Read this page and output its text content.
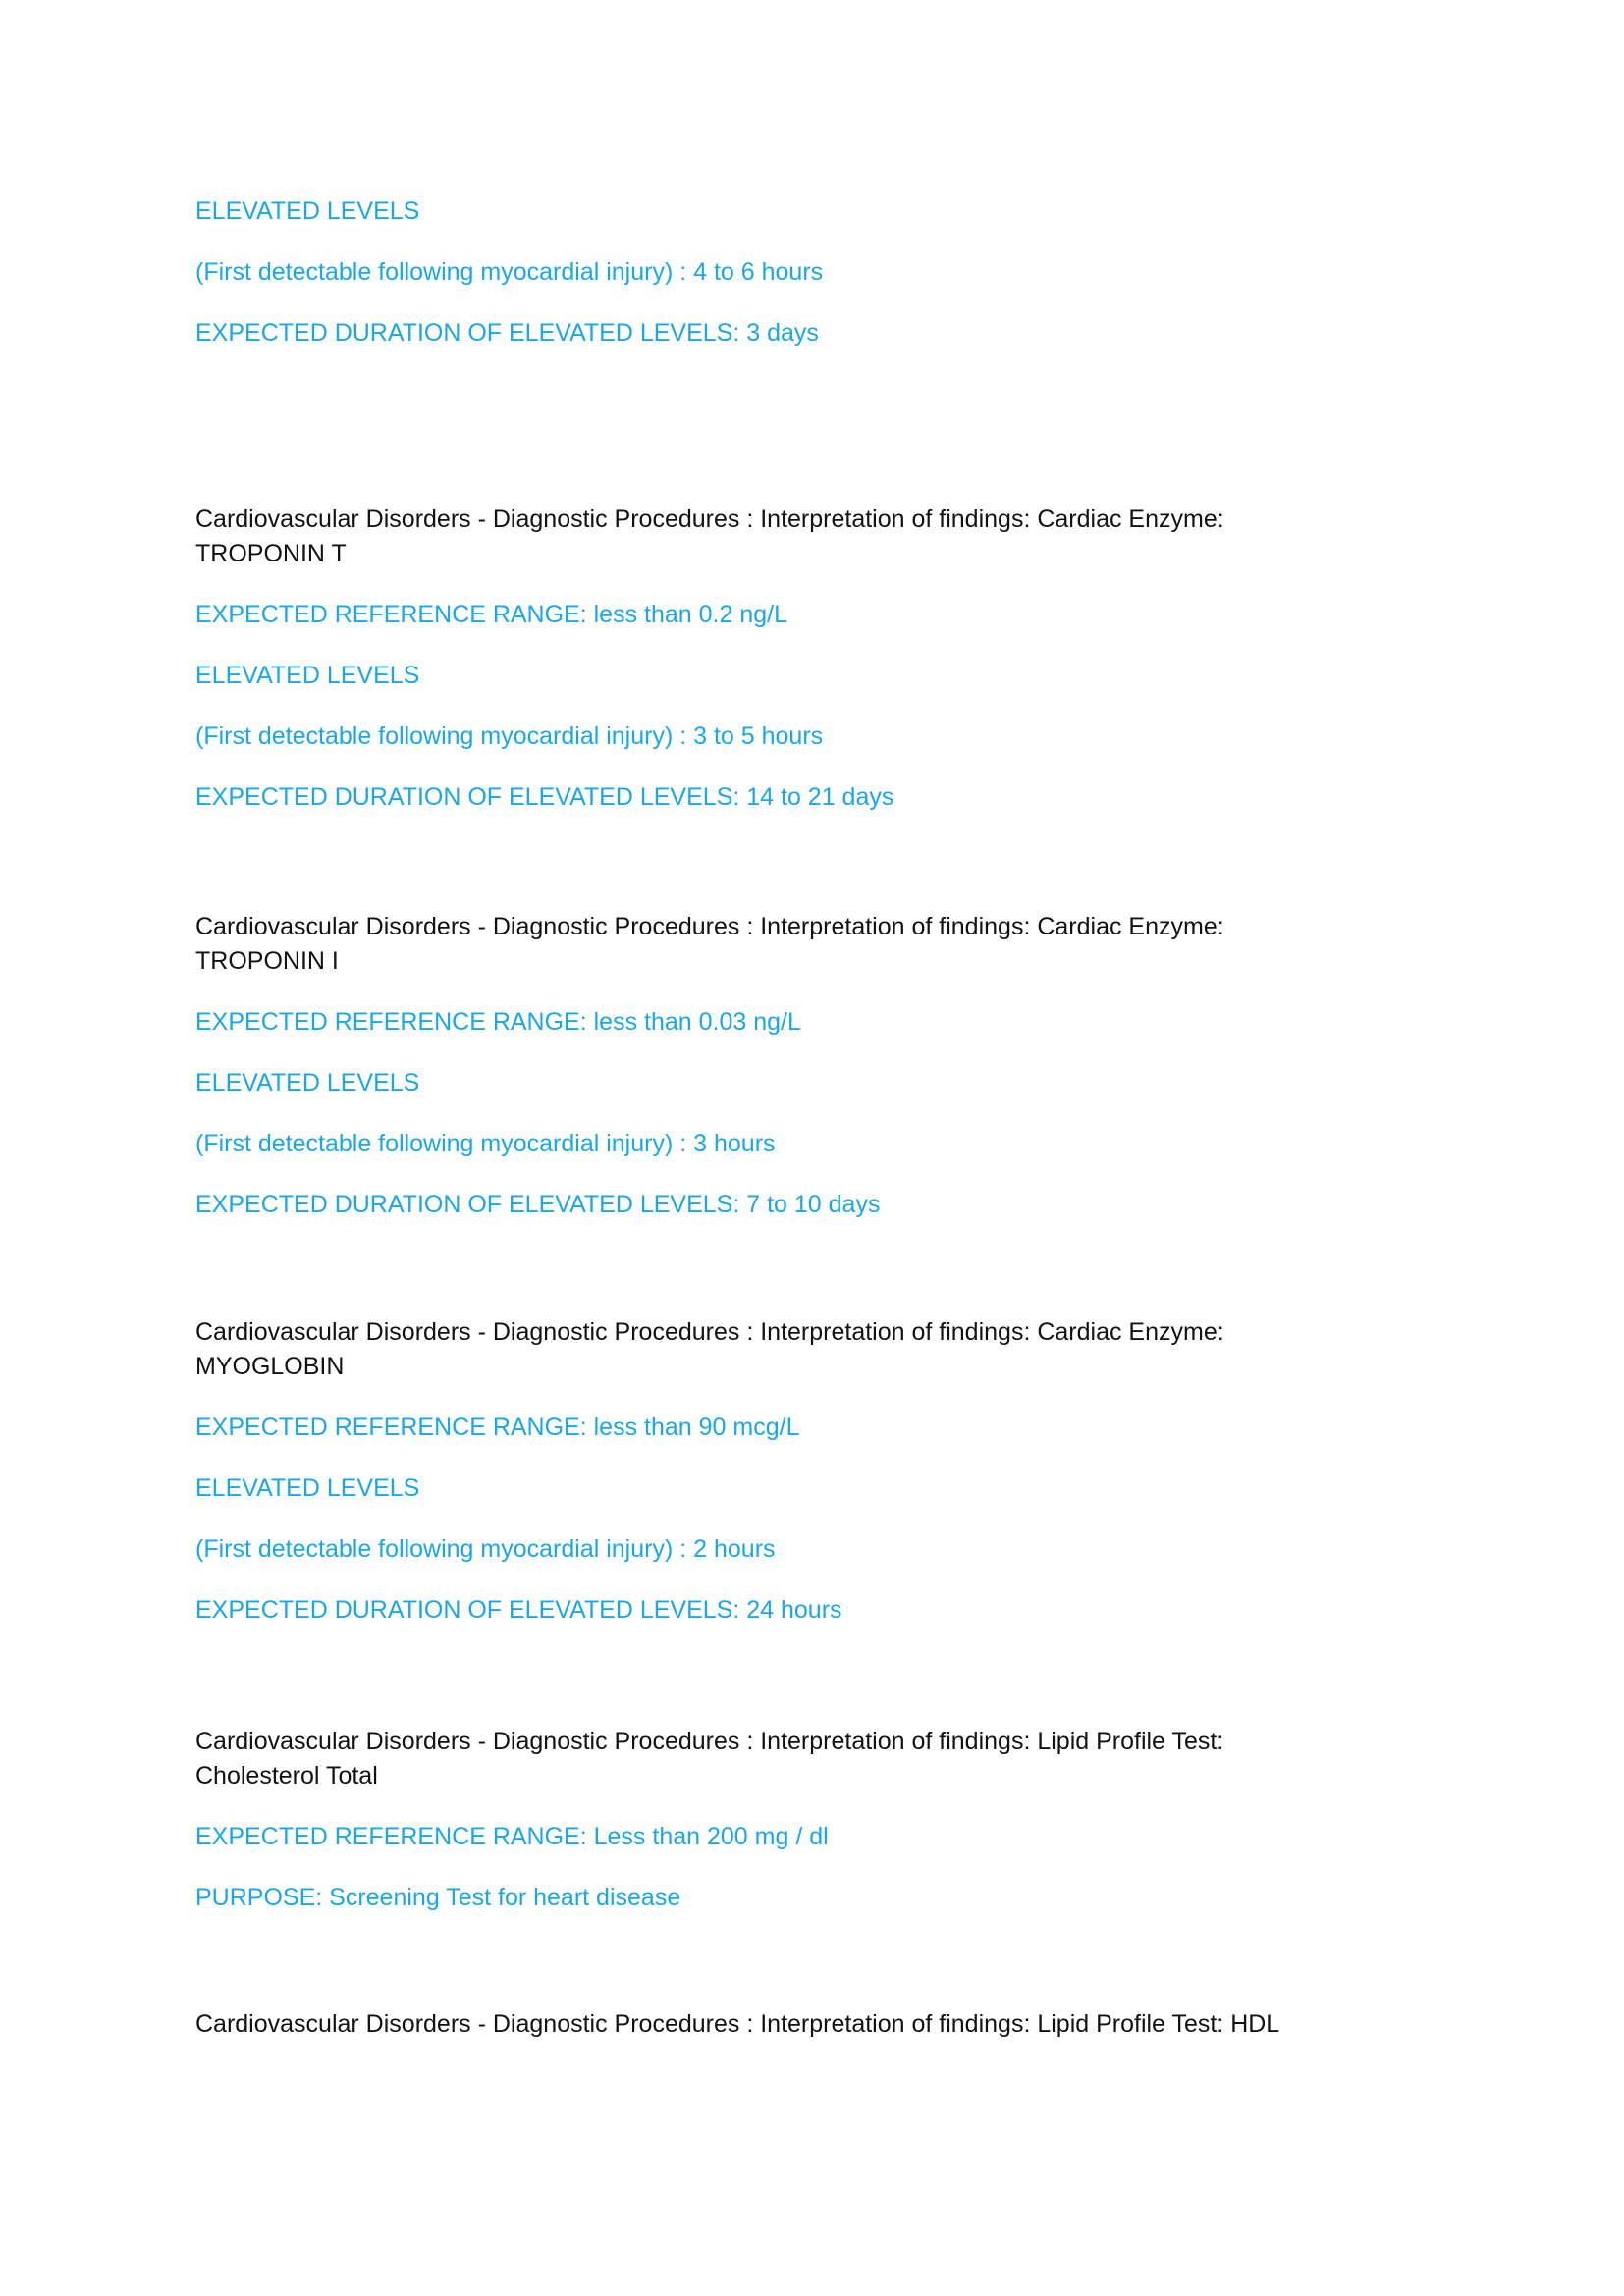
ELEVATED LEVELS

(First detectable following myocardial injury) : 4 to 6 hours

EXPECTED DURATION OF ELEVATED LEVELS: 3 days

Cardiovascular Disorders - Diagnostic Procedures : Interpretation of findings: Cardiac Enzyme:
TROPONIN T

EXPECTED REFERENCE RANGE: less than 0.2 ng/L

ELEVATED LEVELS

(First detectable following myocardial injury) : 3 to 5 hours

EXPECTED DURATION OF ELEVATED LEVELS: 14 to 21 days

Cardiovascular Disorders - Diagnostic Procedures : Interpretation of findings: Cardiac Enzyme:
TROPONIN I

EXPECTED REFERENCE RANGE: less than 0.03 ng/L

ELEVATED LEVELS

(First detectable following myocardial injury) : 3 hours

EXPECTED DURATION OF ELEVATED LEVELS: 7 to 10 days

Cardiovascular Disorders - Diagnostic Procedures : Interpretation of findings: Cardiac Enzyme:
MYOGLOBIN

EXPECTED REFERENCE RANGE: less than 90 mcg/L

ELEVATED LEVELS

(First detectable following myocardial injury) : 2 hours

EXPECTED DURATION OF ELEVATED LEVELS: 24 hours

Cardiovascular Disorders - Diagnostic Procedures : Interpretation of findings: Lipid Profile Test:
Cholesterol Total

EXPECTED REFERENCE RANGE: Less than 200 mg / dl

PURPOSE: Screening Test for heart disease

Cardiovascular Disorders - Diagnostic Procedures : Interpretation of findings: Lipid Profile Test: HDL
